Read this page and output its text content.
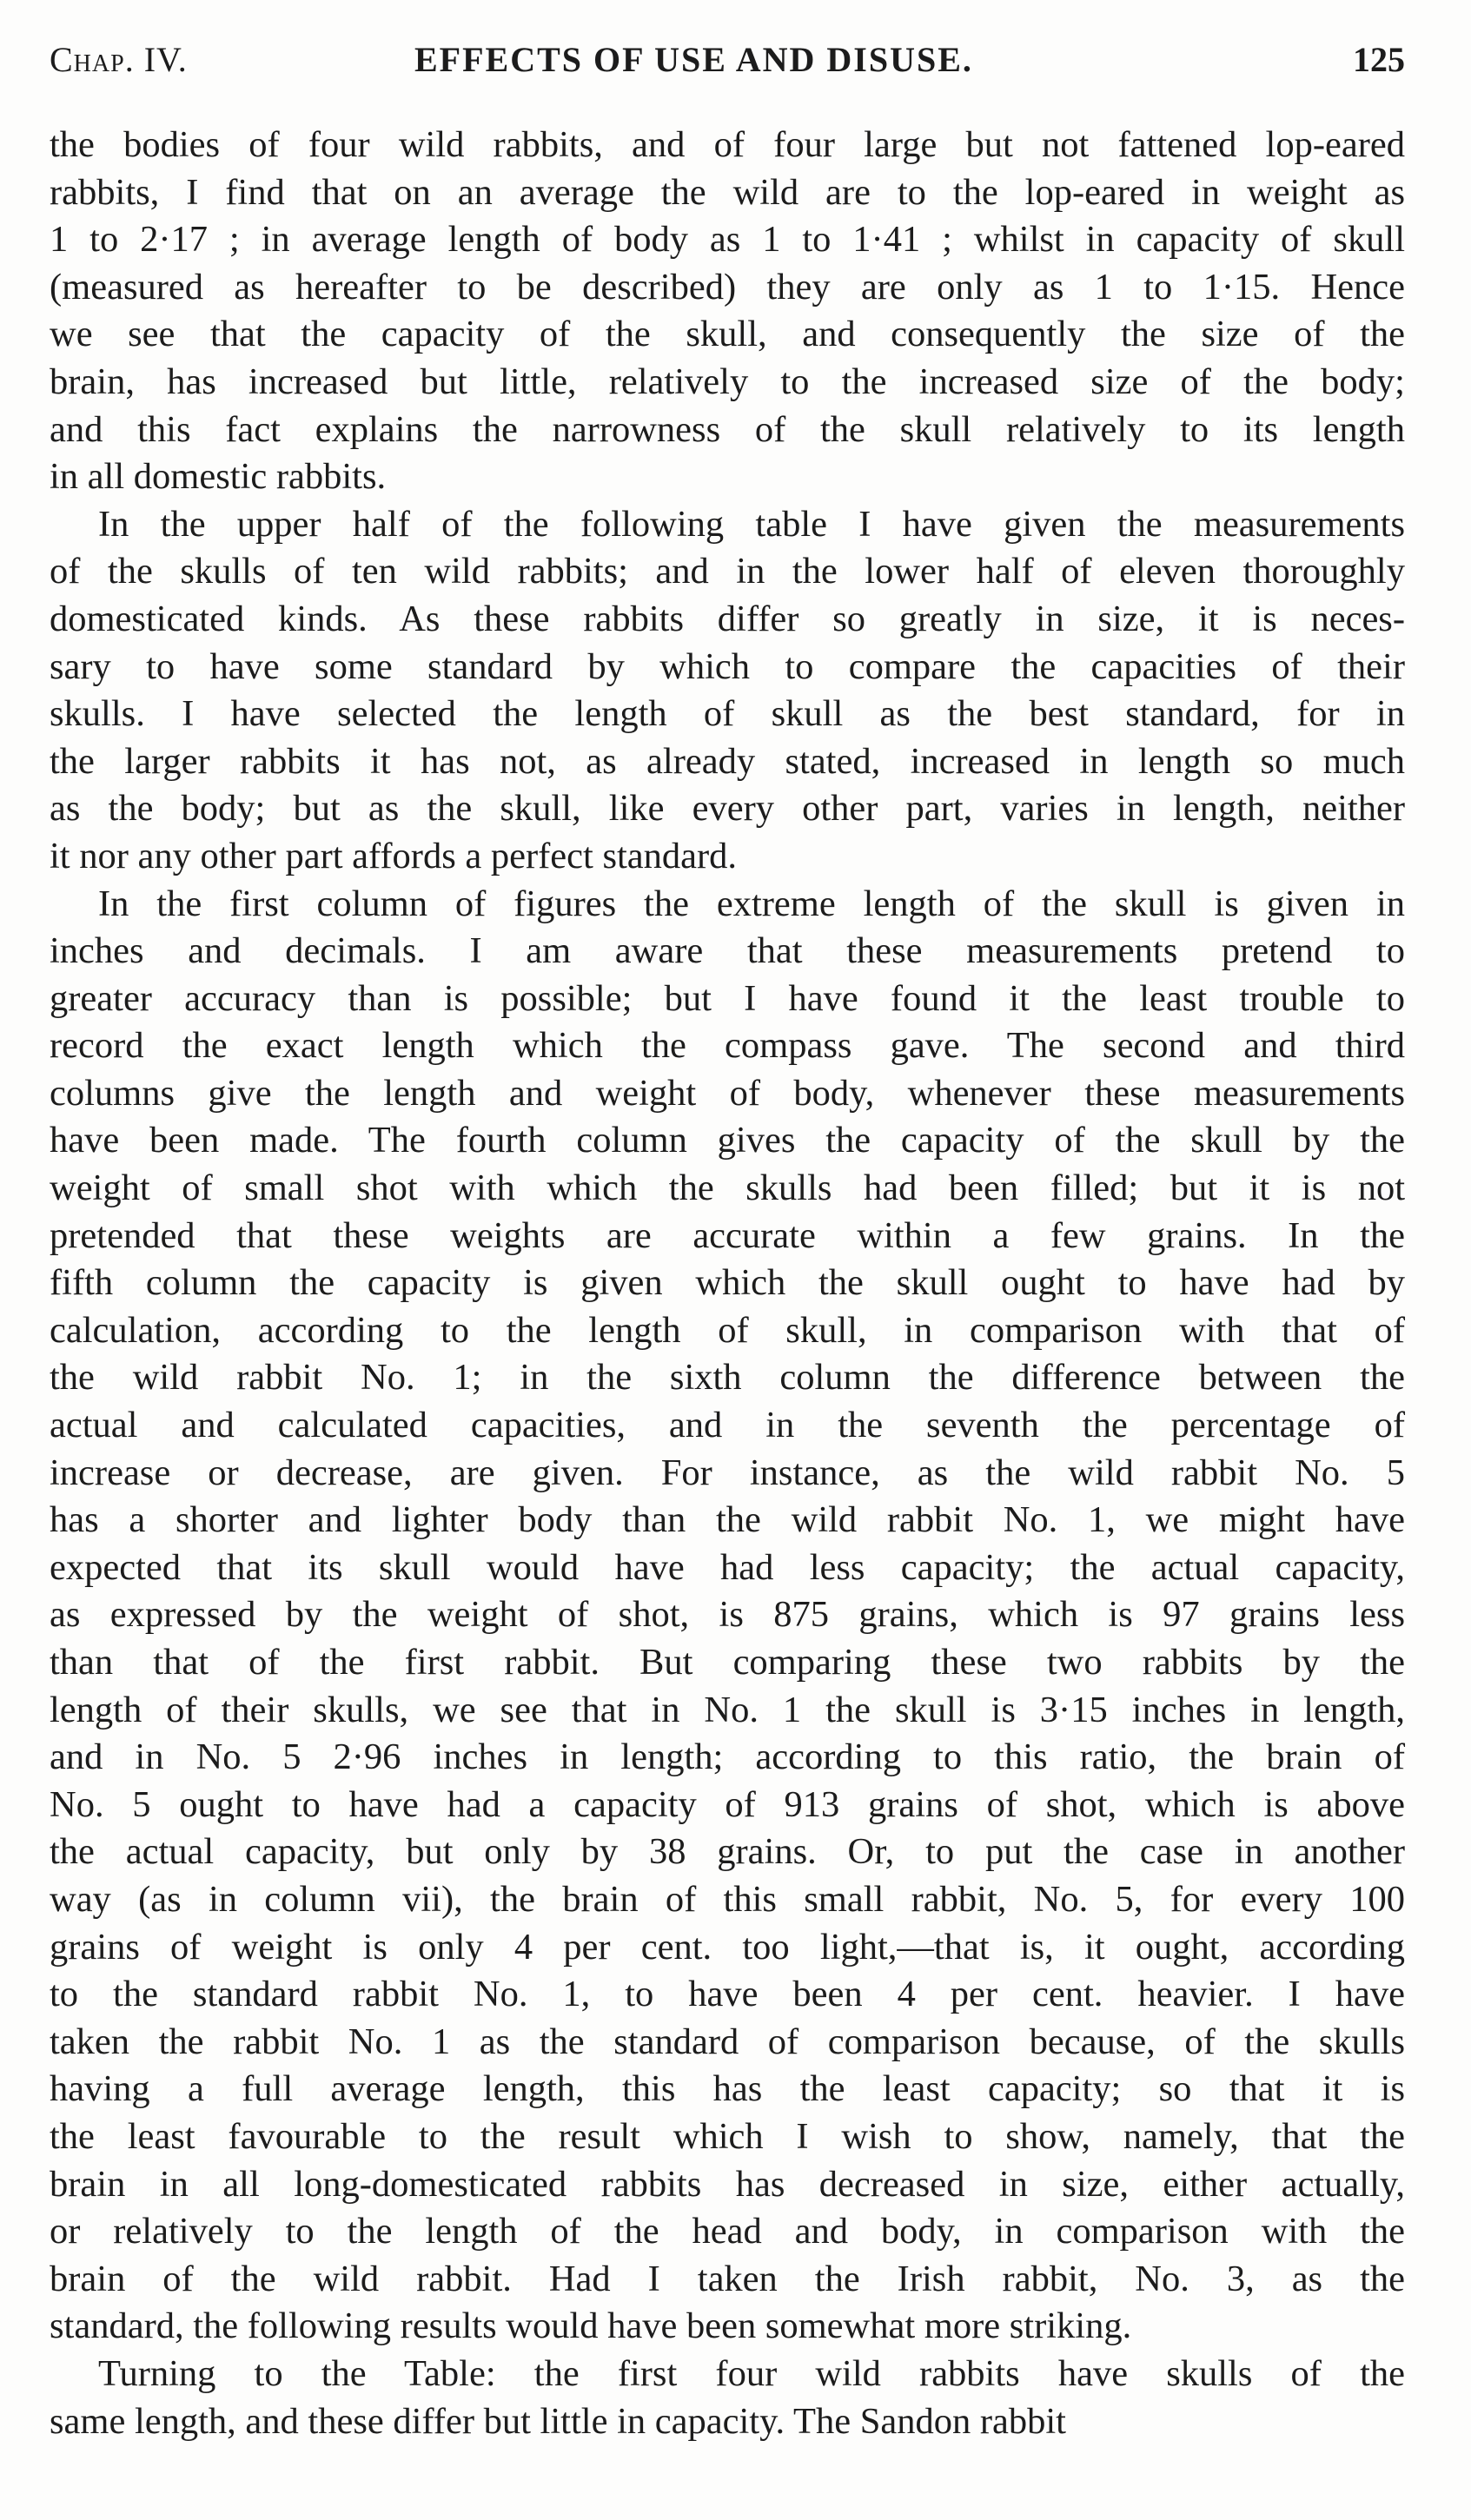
Chap. IV.	EFFECTS OF USE AND DISUSE.	125

the bodies of four wild rabbits, and of four large but not fattened lop-eared
rabbits, I find that on an average the wild are to the lop-eared in weight as
1 to 2·17 ; in average length of body as 1 to 1·41 ; whilst in capacity of skull
(measured as hereafter to be described) they are only as 1 to 1·15. Hence
we see that the capacity of the skull, and consequently the size of the
brain, has increased but little, relatively to the increased size of the body;
and this fact explains the narrowness of the skull relatively to its length
in all domestic rabbits.

In the upper half of the following table I have given the measurements
of the skulls of ten wild rabbits; and in the lower half of eleven thoroughly
domesticated kinds. As these rabbits differ so greatly in size, it is neces-
sary to have some standard by which to compare the capacities of their
skulls. I have selected the length of skull as the best standard, for in
the larger rabbits it has not, as already stated, increased in length so much
as the body; but as the skull, like every other part, varies in length, neither
it nor any other part affords a perfect standard.

In the first column of figures the extreme length of the skull is given in
inches and decimals. I am aware that these measurements pretend to
greater accuracy than is possible; but I have found it the least trouble to
record the exact length which the compass gave. The second and third
columns give the length and weight of body, whenever these measurements
have been made. The fourth column gives the capacity of the skull by the
weight of small shot with which the skulls had been filled; but it is not
pretended that these weights are accurate within a few grains. In the
fifth column the capacity is given which the skull ought to have had by
calculation, according to the length of skull, in comparison with that of
the wild rabbit No. 1; in the sixth column the difference between the
actual and calculated capacities, and in the seventh the percentage of
increase or decrease, are given. For instance, as the wild rabbit No. 5
has a shorter and lighter body than the wild rabbit No. 1, we might have
expected that its skull would have had less capacity; the actual capacity,
as expressed by the weight of shot, is 875 grains, which is 97 grains less
than that of the first rabbit. But comparing these two rabbits by the
length of their skulls, we see that in No. 1 the skull is 3·15 inches in length,
and in No. 5 2·96 inches in length; according to this ratio, the brain of
No. 5 ought to have had a capacity of 913 grains of shot, which is above
the actual capacity, but only by 38 grains. Or, to put the case in another
way (as in column vii), the brain of this small rabbit, No. 5, for every 100
grains of weight is only 4 per cent. too light,—that is, it ought, according
to the standard rabbit No. 1, to have been 4 per cent. heavier. I have
taken the rabbit No. 1 as the standard of comparison because, of the skulls
having a full average length, this has the least capacity; so that it is
the least favourable to the result which I wish to show, namely, that the
brain in all long-domesticated rabbits has decreased in size, either actually,
or relatively to the length of the head and body, in comparison with the
brain of the wild rabbit. Had I taken the Irish rabbit, No. 3, as the
standard, the following results would have been somewhat more striking.

Turning to the Table: the first four wild rabbits have skulls of the
same length, and these differ but little in capacity. The Sandon rabbit
